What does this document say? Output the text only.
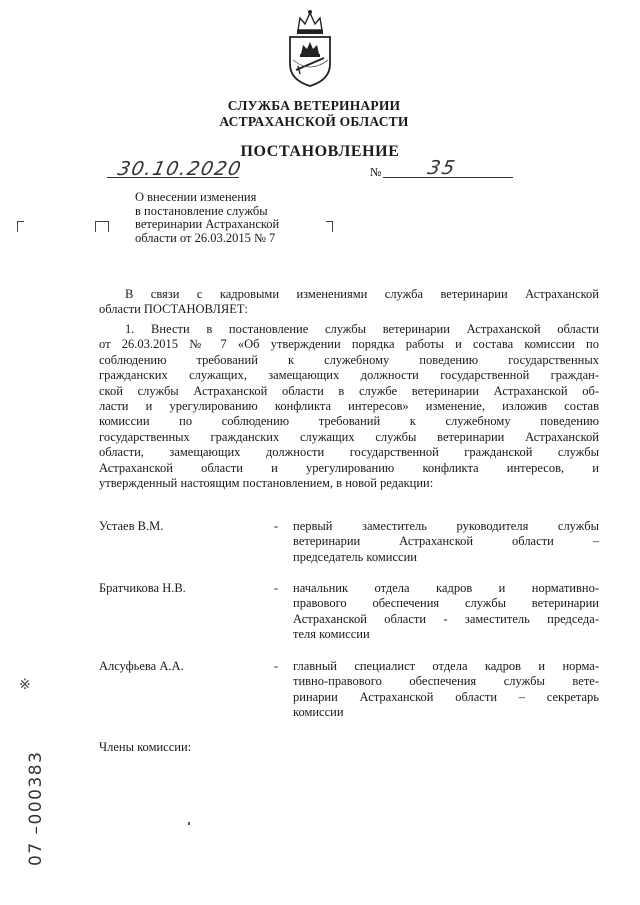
СЛУЖБА ВЕТЕРИНАРИИ
АСТРАХАНСКОЙ ОБЛАСТИ
ПОСТАНОВЛЕНИЕ
30.10.2020	№ 35
О внесении изменения
в постановление службы
ветеринарии Астраханской
области от 26.03.2015 № 7
В связи с кадровыми изменениями служба ветеринарии Астраханской
области ПОСТАНОВЛЯЕТ:
1. Внести в постановление службы ветеринарии Астраханской области
от 26.03.2015 № 7 «Об утверждении порядка работы и состава комиссии по
соблюдению требований к служебному поведению государственных
гражданских служащих, замещающих должности государственной граждан-
ской службы Астраханской области в службе ветеринарии Астраханской об-
ласти и урегулированию конфликта интересов» изменение, изложив состав
комиссии по соблюдению требований к служебному поведению
государственных гражданских служащих службы ветеринарии Астраханской
области, замещающих должности государственной гражданской службы
Астраханской области и урегулированию конфликта интересов, и
утвержденный настоящим постановлением, в новой редакции:
Устаев В.М.	- первый заместитель руководителя службы
ветеринарии Астраханской области –
председатель комиссии
Братчикова Н.В.	- начальник отдела кадров и нормативно-
правового обеспечения службы ветеринарии
Астраханской области - заместитель председа-
теля комиссии
Алсуфьева А.А.	- главный специалист отдела кадров и норма-
тивно-правового обеспечения службы вете-
ринарии Астраханской области – секретарь
комиссии
Члены комиссии:
※
07 –000383
